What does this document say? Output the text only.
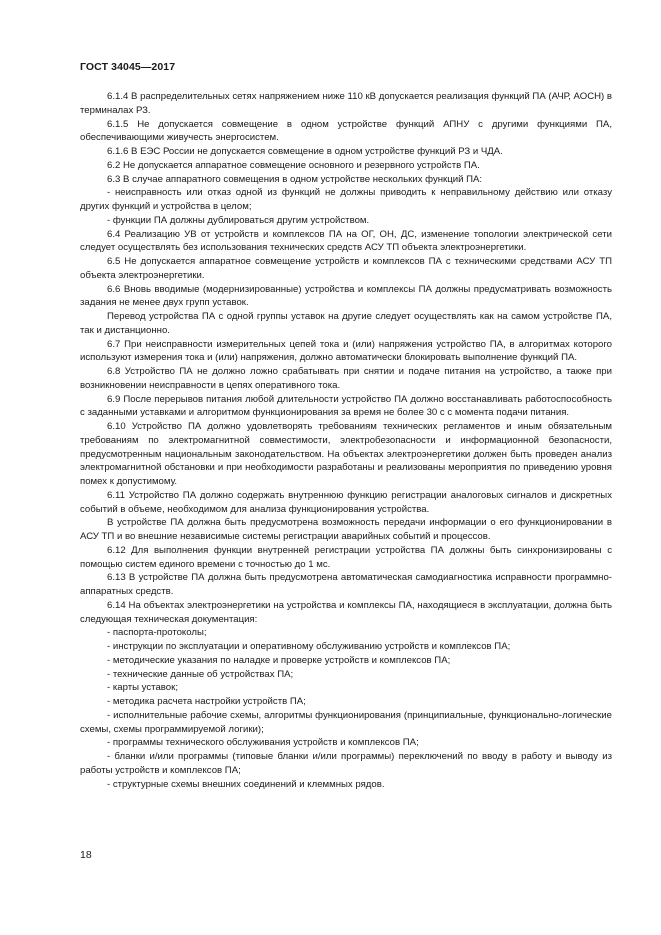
ГОСТ 34045—2017

6.1.4 В распределительных сетях напряжением ниже 110 кВ допускается реализация функций ПА (АЧР, АОСН) в терминалах РЗ.

6.1.5 Не допускается совмещение в одном устройстве функций АПНУ с другими функциями ПА, обеспечивающими живучесть энергосистем.

6.1.6 В ЕЭС России не допускается совмещение в одном устройстве функций РЗ и ЧДА.

6.2 Не допускается аппаратное совмещение основного и резервного устройств ПА.

6.3 В случае аппаратного совмещения в одном устройстве нескольких функций ПА:

- неисправность или отказ одной из функций не должны приводить к неправильному действию или отказу других функций и устройства в целом;

- функции ПА должны дублироваться другим устройством.

6.4 Реализацию УВ от устройств и комплексов ПА на ОГ, ОН, ДС, изменение топологии электрической сети следует осуществлять без использования технических средств АСУ ТП объекта электроэнергетики.

6.5 Не допускается аппаратное совмещение устройств и комплексов ПА с техническими средствами АСУ ТП объекта электроэнергетики.

6.6 Вновь вводимые (модернизированные) устройства и комплексы ПА должны предусматривать возможность задания не менее двух групп уставок.

Перевод устройства ПА с одной группы уставок на другие следует осуществлять как на самом устройстве ПА, так и дистанционно.

6.7 При неисправности измерительных цепей тока и (или) напряжения устройство ПА, в алгоритмах которого используют измерения тока и (или) напряжения, должно автоматически блокировать выполнение функций ПА.

6.8 Устройство ПА не должно ложно срабатывать при снятии и подаче питания на устройство, а также при возникновении неисправности в цепях оперативного тока.

6.9 После перерывов питания любой длительности устройство ПА должно восстанавливать работоспособность с заданными уставками и алгоритмом функционирования за время не более 30 с с момента подачи питания.

6.10 Устройство ПА должно удовлетворять требованиям технических регламентов и иным обязательным требованиям по электромагнитной совместимости, электробезопасности и информационной безопасности, предусмотренным национальным законодательством. На объектах электроэнергетики должен быть проведен анализ электромагнитной обстановки и при необходимости разработаны и реализованы мероприятия по приведению уровня помех к допустимому.

6.11 Устройство ПА должно содержать внутреннюю функцию регистрации аналоговых сигналов и дискретных событий в объеме, необходимом для анализа функционирования устройства.

В устройстве ПА должна быть предусмотрена возможность передачи информации о его функционировании в АСУ ТП и во внешние независимые системы регистрации аварийных событий и процессов.

6.12 Для выполнения функции внутренней регистрации устройства ПА должны быть синхронизированы с помощью систем единого времени с точностью до 1 мс.

6.13 В устройстве ПА должна быть предусмотрена автоматическая самодиагностика исправности программно-аппаратных средств.

6.14 На объектах электроэнергетики на устройства и комплексы ПА, находящиеся в эксплуатации, должна быть следующая техническая документация:

- паспорта-протоколы;

- инструкции по эксплуатации и оперативному обслуживанию устройств и комплексов ПА;

- методические указания по наладке и проверке устройств и комплексов ПА;

- технические данные об устройствах ПА;

- карты уставок;

- методика расчета настройки устройств ПА;

- исполнительные рабочие схемы, алгоритмы функционирования (принципиальные, функционально-логические схемы, схемы программируемой логики);

- программы технического обслуживания устройств и комплексов ПА;

- бланки и/или программы (типовые бланки и/или программы) переключений по вводу в работу и выводу из работы устройств и комплексов ПА;

- структурные схемы внешних соединений и клеммных рядов.

18
